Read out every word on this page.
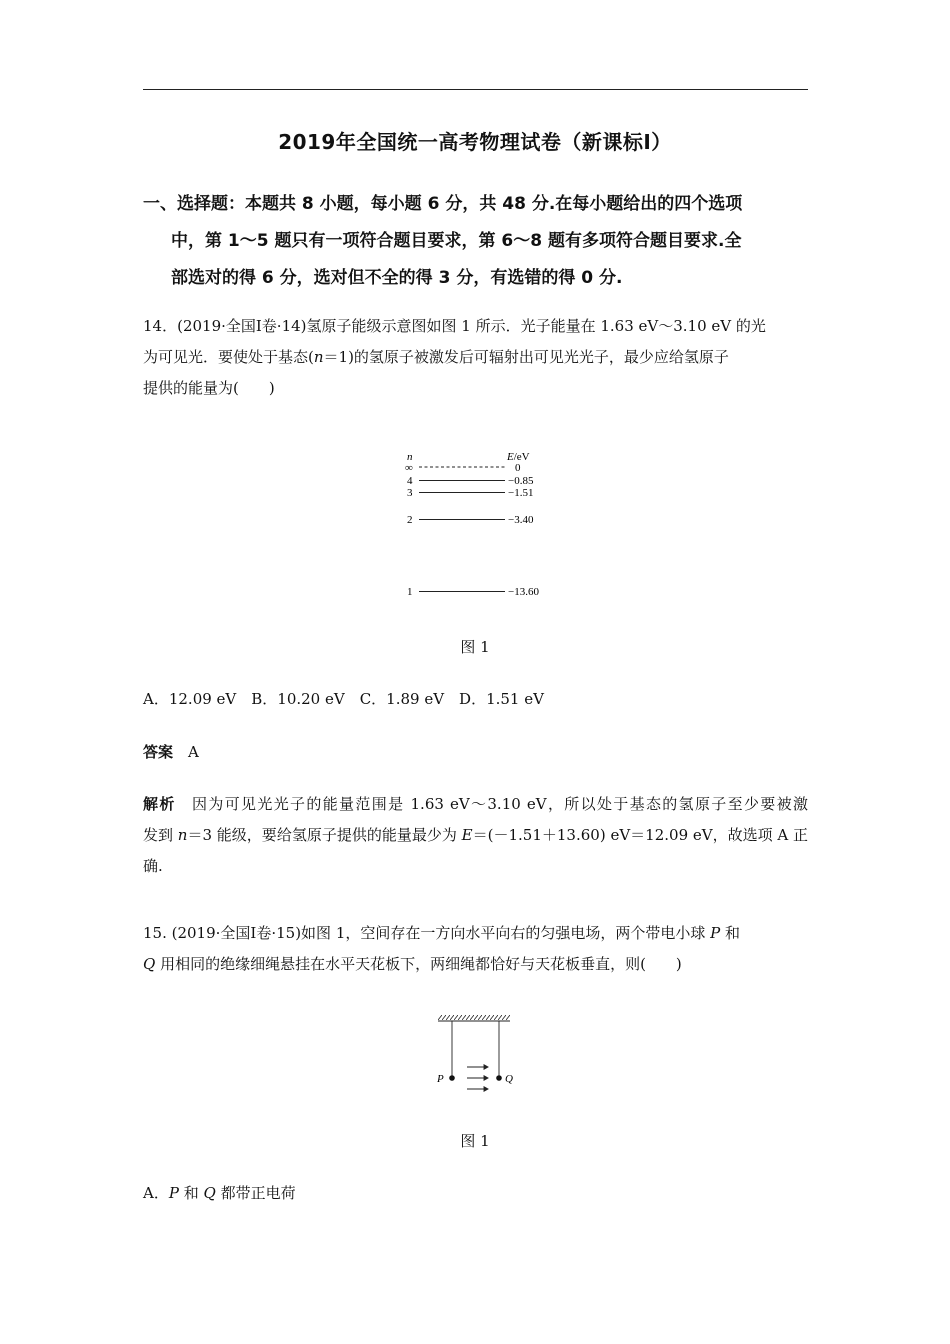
2019年全国统一高考物理试卷（新课标Ⅰ）
一、选择题：本题共 8 小题，每小题 6 分，共 48 分.在每小题给出的四个选项
中，第 1～5 题只有一项符合题目要求，第 6～8 题有多项符合题目要求.全
部选对的得 6 分，选对但不全的得 3 分，有选错的得 0 分.
14．(2019·全国Ⅰ卷·14)氢原子能级示意图如图 1 所示．光子能量在 1.63 eV～3.10 eV 的光
为可见光．要使处于基态(n＝1)的氢原子被激发后可辐射出可见光光子，最少应给氢原子
提供的能量为(　　)
n	E/eV
∞	0
4	−0.85
3	−1.51
2	−3.40
1	−13.60
图 1
A．12.09 eV　B．10.20 eV　C．1.89 eV　D．1.51 eV
答案　 A
解析　 因为可见光光子的能量范围是 1.63 eV～3.10 eV，所以处于基态的氢原子至少要被激
发到 n＝3 能级，要给氢原子提供的能量最少为 E＝(－1.51＋13.60) eV＝12.09 eV，故选项 A 正
确.
15. (2019·全国Ⅰ卷·15)如图 1，空间存在一方向水平向右的匀强电场，两个带电小球 P 和
Q 用相同的绝缘细绳悬挂在水平天花板下，两细绳都恰好与天花板垂直，则(　　)
P	Q
图 1
A．P 和 Q 都带正电荷
